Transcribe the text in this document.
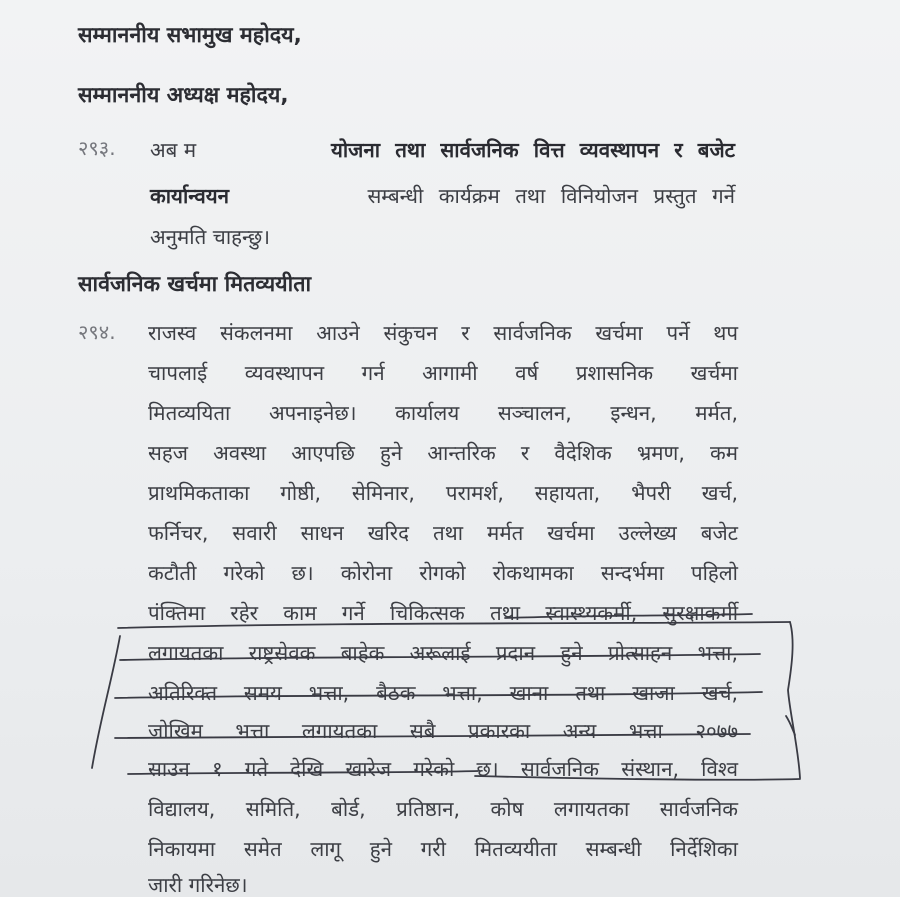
सम्माननीय सभामुख महोदय,
सम्माननीय अध्यक्ष महोदय,
२९३. अब म	योजना तथा सार्वजनिक वित्त व्यवस्थापन र बजेट
कार्यान्वयन	सम्बन्धी कार्यक्रम तथा विनियोजन प्रस्तुत गर्ने
अनुमति चाहन्छु।
सार्वजनिक खर्चमा मितव्ययीता
२९४. राजस्व संकलनमा आउने संकुचन र सार्वजनिक खर्चमा पर्ने थप
चापलाई व्यवस्थापन गर्न आगामी वर्ष प्रशासनिक खर्चमा
मितव्ययिता अपनाइनेछ। कार्यालय सञ्चालन, इन्धन, मर्मत,
सहज अवस्था आएपछि हुने आन्तरिक र वैदेशिक भ्रमण, कम
प्राथमिकताका गोष्ठी, सेमिनार, परामर्श, सहायता, भैपरी खर्च,
फर्निचर, सवारी साधन खरिद तथा मर्मत खर्चमा उल्लेख्य बजेट
कटौती गरेको छ। कोरोना रोगको रोकथामका सन्दर्भमा पहिलो
पंक्तिमा रहेर काम गर्ने चिकित्सक तथा स्वास्थ्यकर्मी, सुरक्षाकर्मी
लगायतका राष्ट्रसेवक बाहेक अरूलाई प्रदान हुने प्रोत्साहन भत्ता,
अतिरिक्त समय भत्ता, बैठक भत्ता, खाना तथा खाजा खर्च,
जोखिम भत्ता लगायतका सबै प्रकारका अन्य भत्ता २०७७
साउन १ गते देखि खारेज गरेको छ। सार्वजनिक संस्थान, विश्व
विद्यालय, समिति, बोर्ड, प्रतिष्ठान, कोष लगायतका सार्वजनिक
निकायमा समेत लागू हुने गरी मितव्ययीता सम्बन्धी निर्देशिका
जारी गरिनेछ।
